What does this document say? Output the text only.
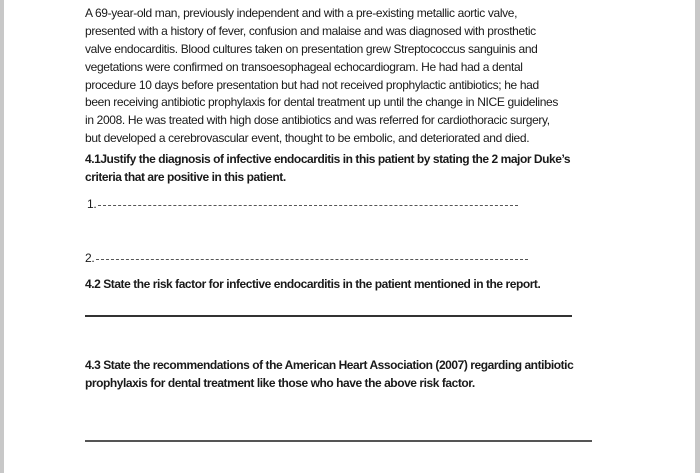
A 69-year-old man, previously independent and with a pre-existing metallic aortic valve,
presented with a history of fever, confusion and malaise and was diagnosed with prosthetic
valve endocarditis. Blood cultures taken on presentation grew Streptococcus sanguinis and
vegetations were confirmed on transoesophageal echocardiogram. He had had a dental
procedure 10 days before presentation but had not received prophylactic antibiotics; he had
been receiving antibiotic prophylaxis for dental treatment up until the change in NICE guidelines
in 2008. He was treated with high dose antibiotics and was referred for cardiothoracic surgery,
but developed a cerebrovascular event, thought to be embolic, and deteriorated and died.
4.1Justify the diagnosis of infective endocarditis in this patient by stating the 2 major Duke’s
criteria that are positive in this patient.
1.
2.
4.2 State the risk factor for infective endocarditis in the patient mentioned in the report.
4.3 State the recommendations of the American Heart Association (2007) regarding antibiotic
prophylaxis for dental treatment like those who have the above risk factor.
